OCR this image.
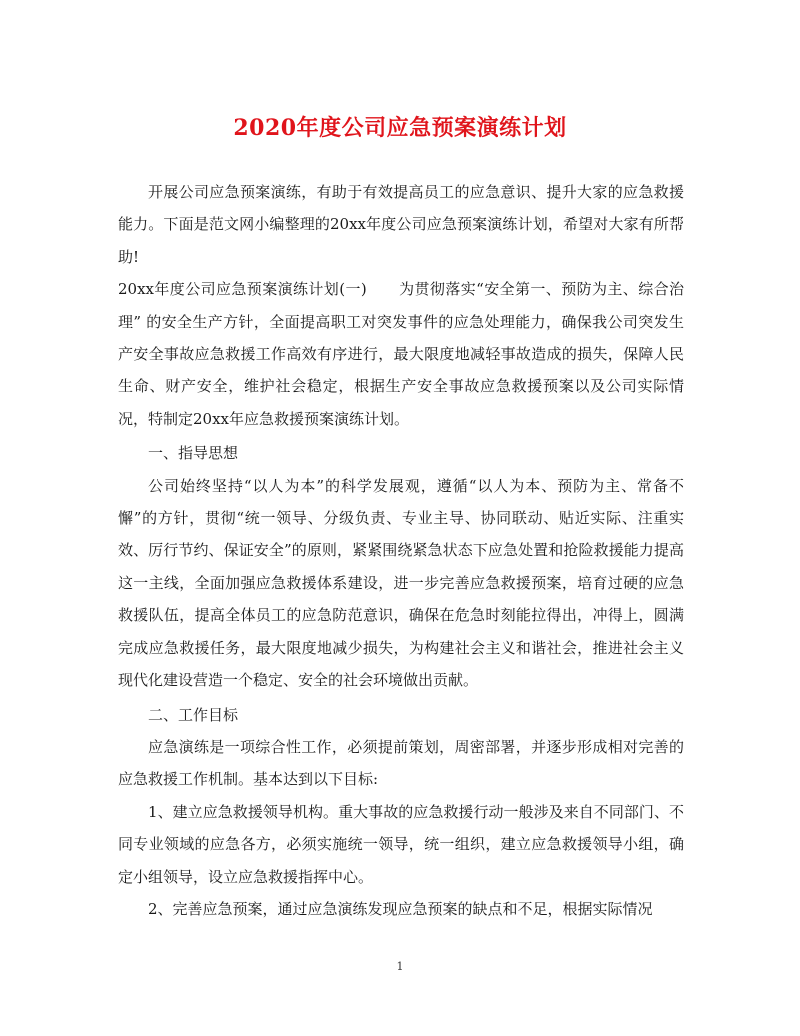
2020年度公司应急预案演练计划

开展公司应急预案演练，有助于有效提高员工的应急意识、提升大家的应急救援能力。下面是范文网小编整理的20xx年度公司应急预案演练计划，希望对大家有所帮助!

20xx年度公司应急预案演练计划(一) 为贯彻落实“安全第一、预防为主、综合治理” 的安全生产方针，全面提高职工对突发事件的应急处理能力，确保我公司突发生产安全事故应急救援工作高效有序进行，最大限度地减轻事故造成的损失，保障人民生命、财产安全，维护社会稳定，根据生产安全事故应急救援预案以及公司实际情况，特制定20xx年应急救援预案演练计划。

一、指导思想

公司始终坚持“以人为本”的科学发展观，遵循“以人为本、预防为主、常备不懈”的方针，贯彻“统一领导、分级负责、专业主导、协同联动、贴近实际、注重实效、厉行节约、保证安全”的原则，紧紧围绕紧急状态下应急处置和抢险救援能力提高这一主线，全面加强应急救援体系建设，进一步完善应急救援预案，培育过硬的应急救援队伍，提高全体员工的应急防范意识，确保在危急时刻能拉得出，冲得上，圆满完成应急救援任务，最大限度地减少损失，为构建社会主义和谐社会，推进社会主义现代化建设营造一个稳定、安全的社会环境做出贡献。

二、工作目标

应急演练是一项综合性工作，必须提前策划，周密部署，并逐步形成相对完善的应急救援工作机制。基本达到以下目标:

1、建立应急救援领导机构。重大事故的应急救援行动一般涉及来自不同部门、不同专业领域的应急各方，必须实施统一领导，统一组织，建立应急救援领导小组，确定小组领导，设立应急救援指挥中心。

2、完善应急预案，通过应急演练发现应急预案的缺点和不足，根据实际情况

1
